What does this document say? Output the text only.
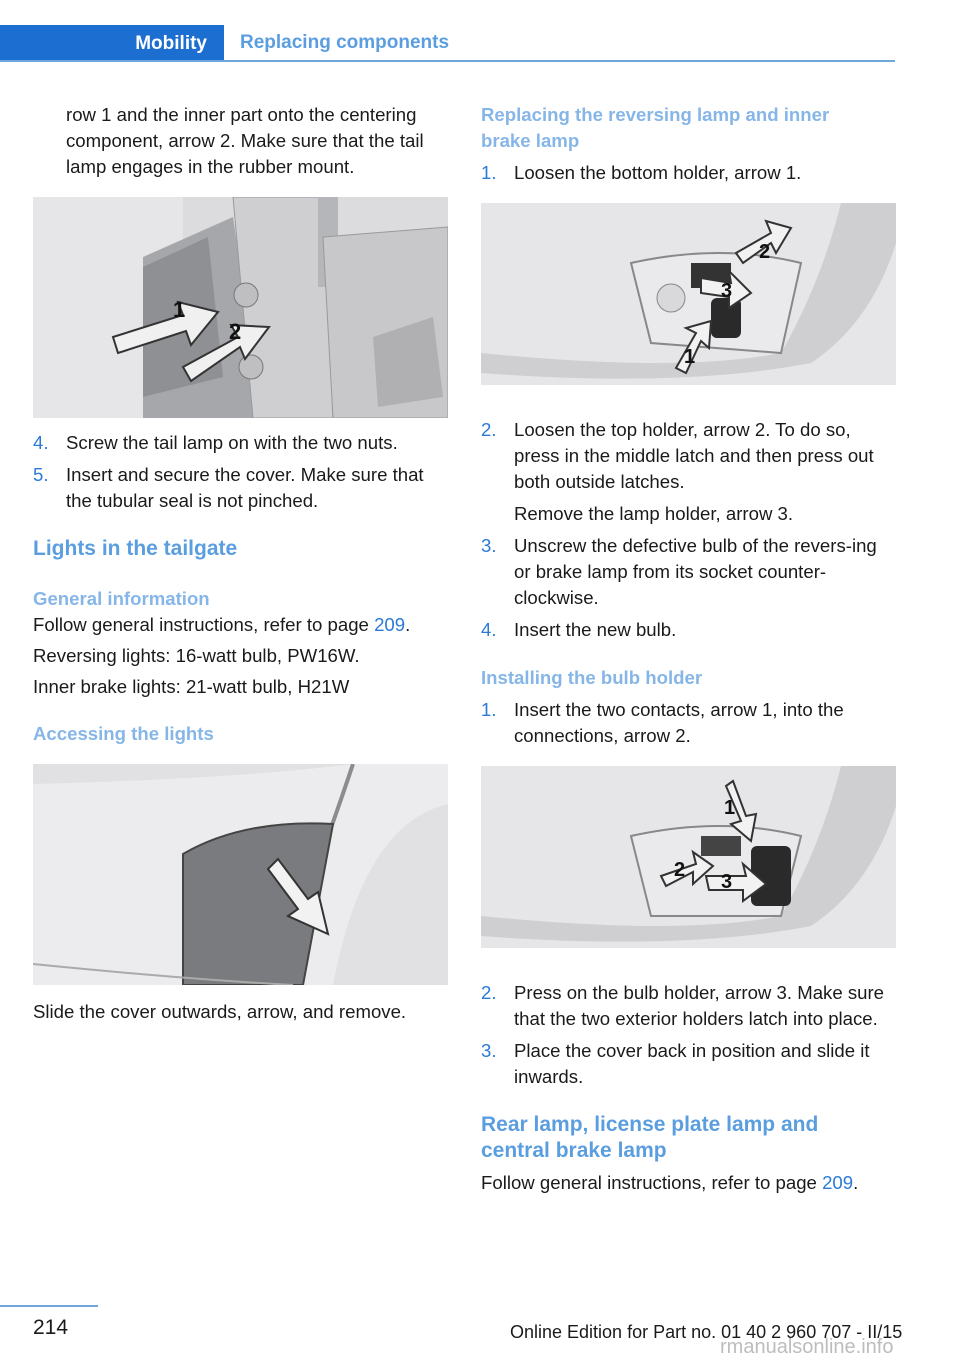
Mobility Replacing components

row 1 and the inner part onto the centering component, arrow 2. Make sure that the tail lamp engages in the rubber mount.

1
2
4. Screw the tail lamp on with the two nuts.
5. Insert and secure the cover. Make sure that the tubular seal is not pinched.
Lights in the tailgate
General information

Follow general instructions, refer to page 209.

Reversing lights: 16-watt bulb, PW16W.

Inner brake lights: 21-watt bulb, H21W

Accessing the lights

Slide the cover outwards, arrow, and remove.

Replacing the reversing lamp and inner brake lamp
1. Loosen the bottom holder, arrow 1.
1
2
3
2. Loosen the top holder, arrow 2. To do so, press in the middle latch and then press out both outside latches.

Remove the lamp holder, arrow 3.

3. Unscrew the defective bulb of the revers‐ing or brake lamp from its socket counter‐clockwise.
4. Insert the new bulb.
Installing the bulb holder
1. Insert the two contacts, arrow 1, into the connections, arrow 2.
1
2
3
2. Press on the bulb holder, arrow 3. Make sure that the two exterior holders latch into place.
3. Place the cover back in position and slide it inwards.
Rear lamp, license plate lamp and central brake lamp

Follow general instructions, refer to page 209.

214	Online Edition for Part no. 01 40 2 960 707 - II/15
rmanualsonline.info
